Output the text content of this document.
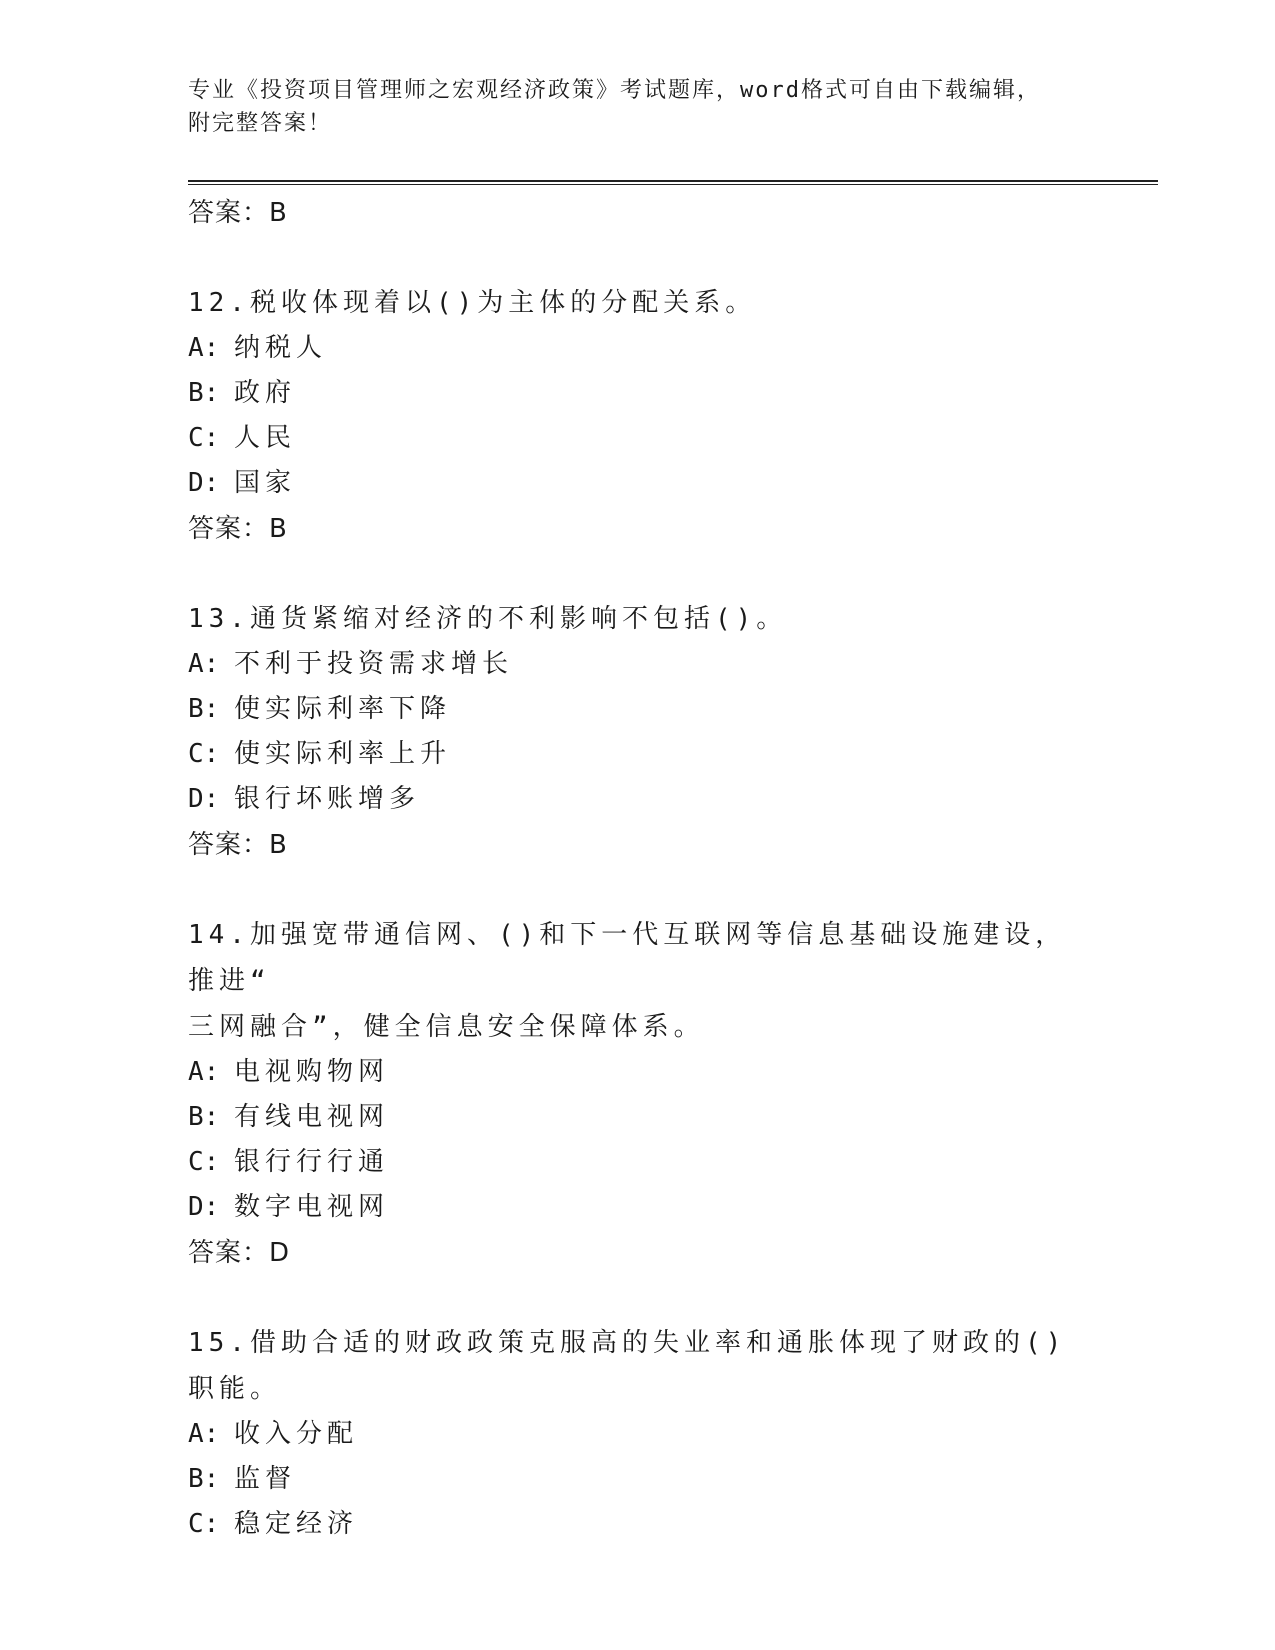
专业《投资项目管理师之宏观经济政策》考试题库，word格式可自由下载编辑，
附完整答案！
答案：B
12.税收体现着以()为主体的分配关系。
A: 纳税人
B: 政府
C: 人民
D: 国家
答案：B
13.通货紧缩对经济的不利影响不包括()。
A: 不利于投资需求增长
B: 使实际利率下降
C: 使实际利率上升
D: 银行坏账增多
答案：B
14.加强宽带通信网、()和下一代互联网等信息基础设施建设，推进“
三网融合”，健全信息安全保障体系。
A: 电视购物网
B: 有线电视网
C: 银行行行通
D: 数字电视网
答案：D
15.借助合适的财政政策克服高的失业率和通胀体现了财政的()职能。
A: 收入分配
B: 监督
C: 稳定经济
